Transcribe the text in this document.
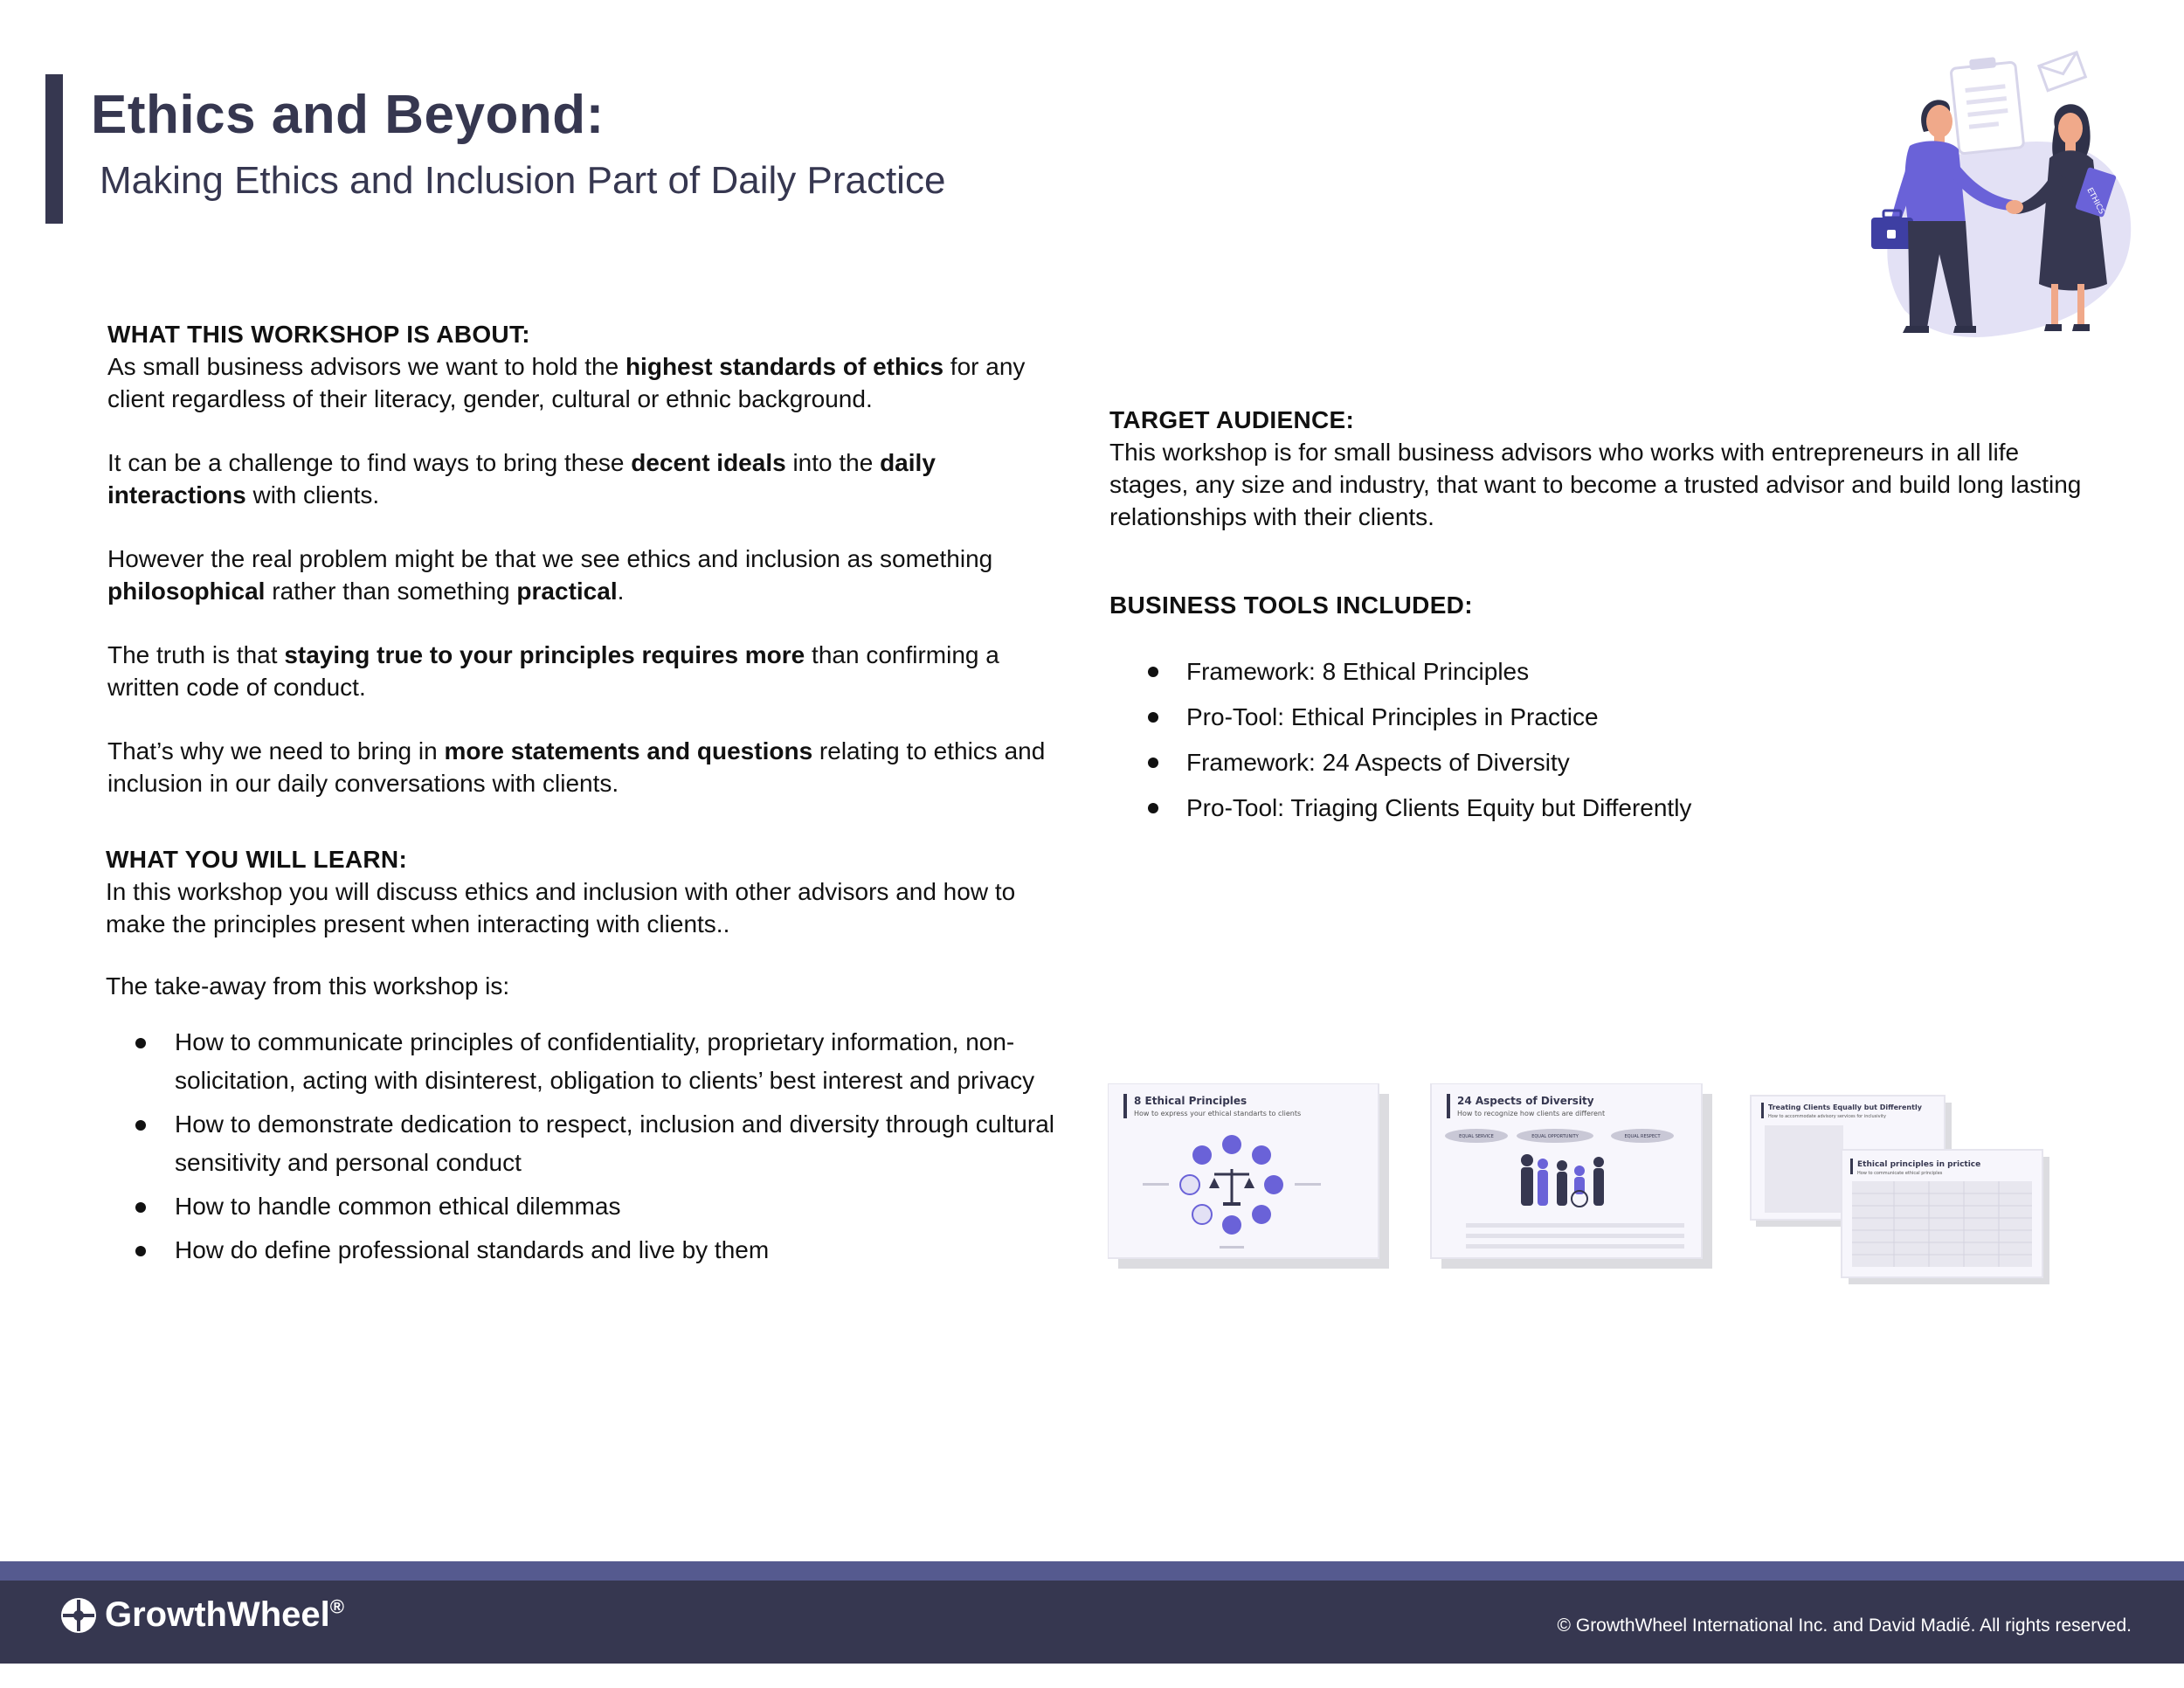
Ethics and Beyond:
Making Ethics and Inclusion Part of Daily Practice	ETHICS
WHAT THIS WORKSHOP IS ABOUT:

As small business advisors we want to hold the highest standards of ethics for any client regardless of their literacy, gender, cultural or ethnic background.

It can be a challenge to find ways to bring these decent ideals into the daily interactions with clients.

However the real problem might be that we see ethics and inclusion as something philosophical rather than something practical.

The truth is that staying true to your principles requires more than confirming a written code of conduct.

That’s why we need to bring in more statements and questions relating to ethics and inclusion in our daily conversations with clients.

WHAT YOU WILL LEARN:

In this workshop you will discuss ethics and inclusion with other advisors and how to make the principles present when interacting with clients..

The take-away from this workshop is:

How to communicate principles of confidentiality, proprietary information, non-solicitation, acting with disinterest, obligation to clients’ best interest and privacy
How to demonstrate dedication to respect, inclusion and diversity through cultural sensitivity and personal conduct
How to handle common ethical dilemmas
How do define professional standards and live by them
TARGET AUDIENCE:

This workshop is for small business advisors who works with entrepreneurs in all life stages, any size and industry, that want to become a trusted advisor and build long lasting relationships with their clients.

BUSINESS TOOLS INCLUDED:
Framework: 8 Ethical Principles
Pro-Tool: Ethical Principles in Practice
Framework: 24 Aspects of Diversity
Pro-Tool: Triaging Clients Equity but Differently
8 Ethical Principles
How to express your ethical standarts to clients
24 Aspects of Diversity
How to recognize how clients are different
EQUAL SERVICE	EQUAL OPPORTUNITY	EQUAL RESPECT
Treating Clients Equally but Differently
How to accommodate advisory services for inclusivity
Ethical principles in prictice
How to communicate ethical principles
GrowthWheel®
© GrowthWheel International Inc. and David Madié. All rights reserved.
